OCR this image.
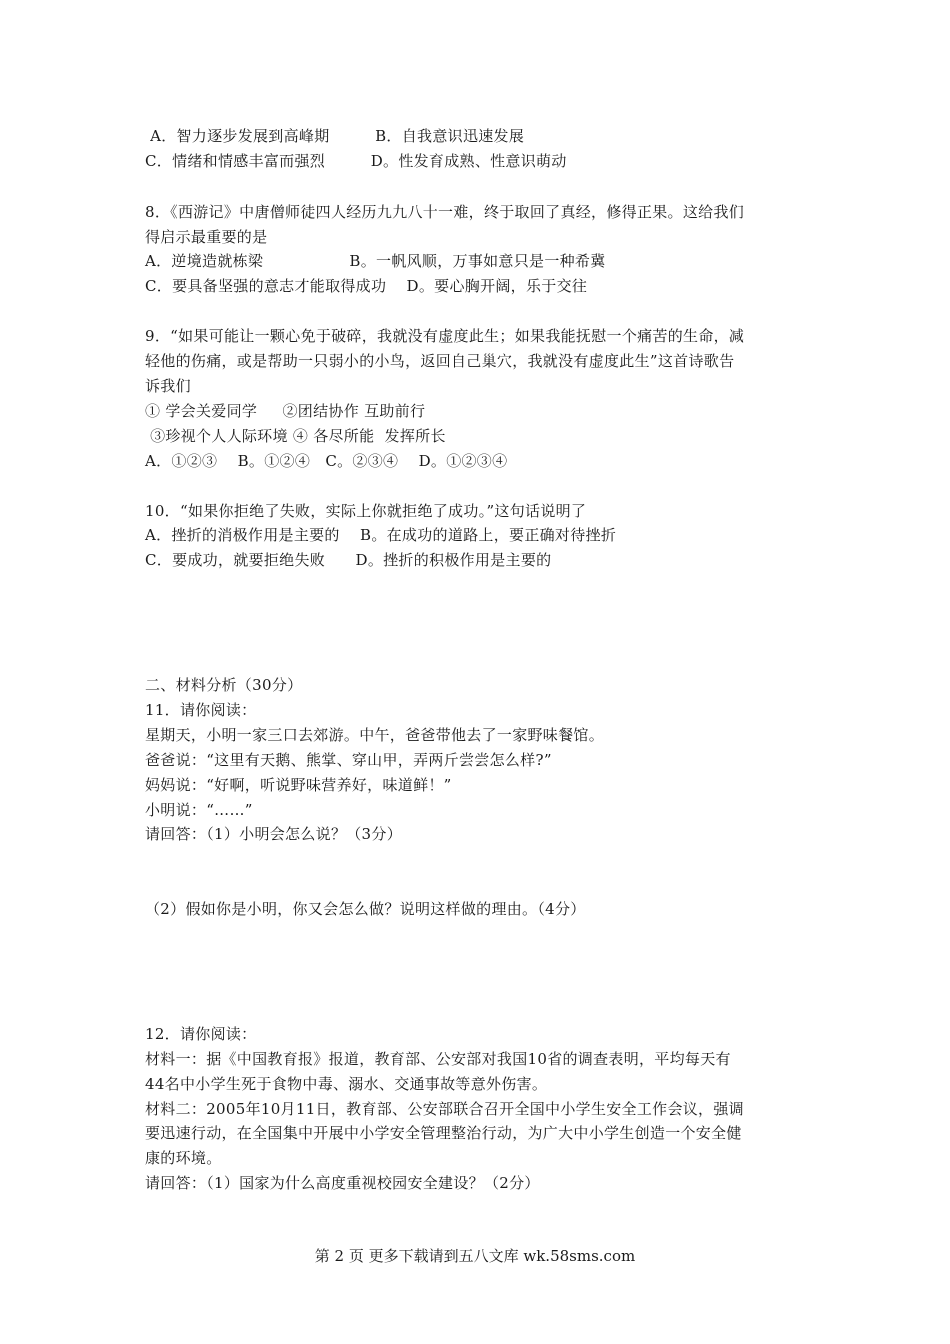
A．智力逐步发展到高峰期         B．自我意识迅速发展
C．情绪和情感丰富而强烈         D。性发育成熟、性意识萌动
8．《西游记》中唐僧师徒四人经历九九八十一难，终于取回了真经，修得正果。这给我们
得启示最重要的是
A．逆境造就栋梁                 B。一帆风顺，万事如意只是一种希冀
C．要具备坚强的意志才能取得成功    D。要心胸开阔，乐于交往
9．“如果可能让一颗心免于破碎，我就没有虚度此生；如果我能抚慰一个痛苦的生命，减
轻他的伤痛，或是帮助一只弱小的小鸟，返回自己巢穴，我就没有虚度此生”这首诗歌告
诉我们
① 学会关爱同学     ②团结协作 互助前行
③珍视个人人际环境 ④ 各尽所能  发挥所长
A．①②③    B。①②④   C。②③④    D。①②③④
10．“如果你拒绝了失败，实际上你就拒绝了成功。”这句话说明了
A．挫折的消极作用是主要的    B。在成功的道路上，要正确对待挫折
C．要成功，就要拒绝失败      D。挫折的积极作用是主要的
二、材料分析（30分）
11．请你阅读：
星期天，小明一家三口去郊游。中午，爸爸带他去了一家野味餐馆。
爸爸说：“这里有天鹅、熊掌、穿山甲，弄两斤尝尝怎么样?”
妈妈说：“好啊，听说野味营养好，味道鲜！”
小明说：“……”
请回答：（1）小明会怎么说？（3分）
（2）假如你是小明，你又会怎么做？说明这样做的理由。（4分）
12．请你阅读：
材料一：据《中国教育报》报道，教育部、公安部对我国10省的调查表明，平均每天有
44名中小学生死于食物中毒、溺水、交通事故等意外伤害。
材料二：2005年10月11日，教育部、公安部联合召开全国中小学生安全工作会议，强调
要迅速行动，在全国集中开展中小学安全管理整治行动，为广大中小学生创造一个安全健
康的环境。
请回答：（1）国家为什么高度重视校园安全建设？（2分）
第 2 页 更多下载请到五八文库 wk.58sms.com
